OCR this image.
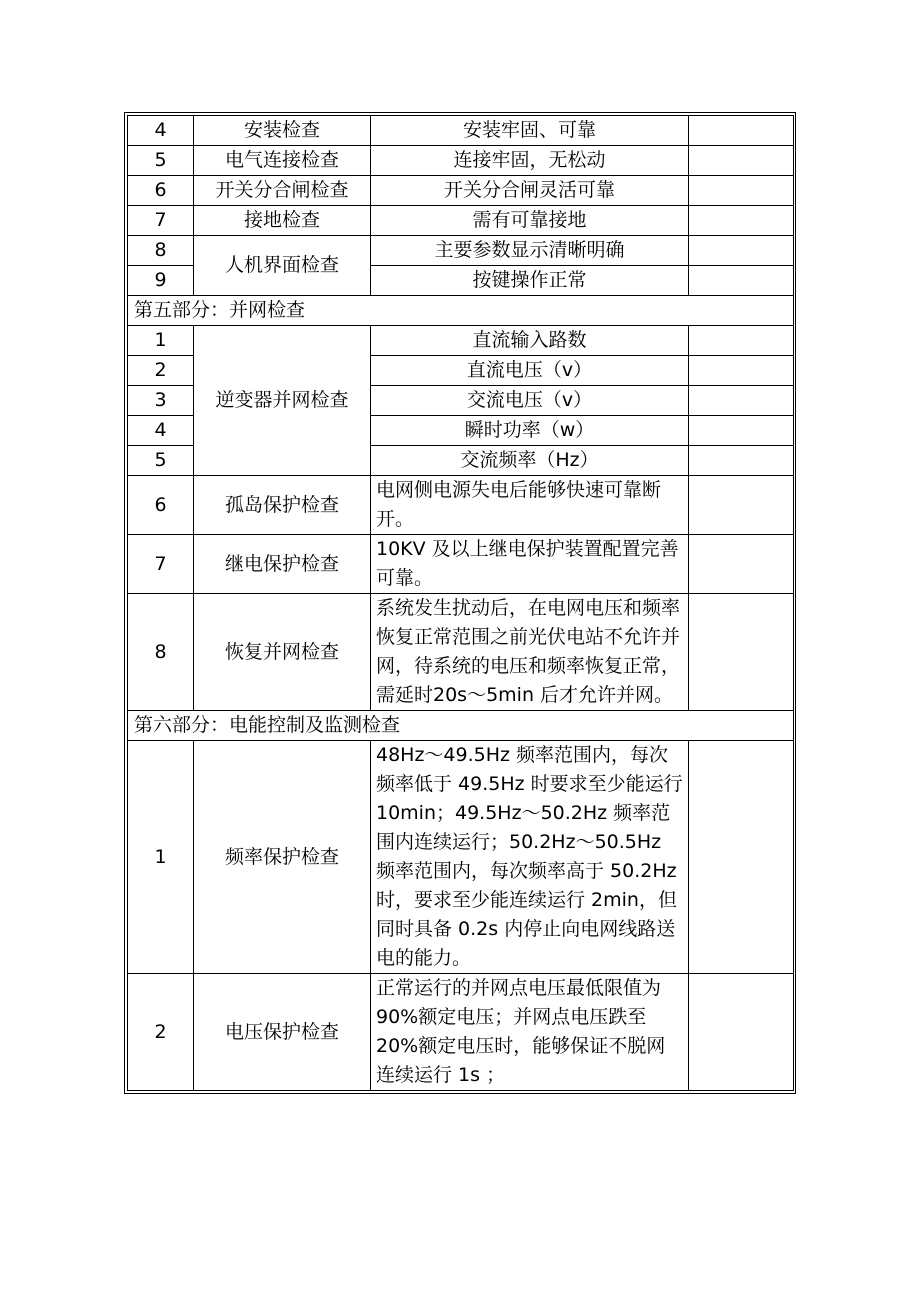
4	安装检查	安装牢固、可靠	
5	电气连接检查	连接牢固，无松动	
6	开关分合闸检查	开关分合闸灵活可靠	
7	接地检查	需有可靠接地	
8	人机界面检查	主要参数显示清晰明确	
9		按键操作正常	
第五部分：并网检查			
1	逆变器并网检查	直流输入路数	
2		直流电压（v）	
3		交流电压（v）	
4		瞬时功率（w）	
5		交流频率（Hz）	
6	孤岛保护检查	电网侧电源失电后能够快速可靠断开。	
7	继电保护检查	10KV 及以上继电保护装置配置完善可靠。	
8	恢复并网检查	系统发生扰动后，在电网电压和频率恢复正常范围之前光伏电站不允许并网，待系统的电压和频率恢复正常，需延时20s～5min 后才允许并网。	
第六部分：电能控制及监测检查			
1	频率保护检查	48Hz～49.5Hz 频率范围内，每次频率低于 49.5Hz 时要求至少能运行 10min；49.5Hz～50.2Hz 频率范围内连续运行；50.2Hz～50.5Hz 频率范围内，每次频率高于 50.2Hz 时，要求至少能连续运行 2min，但同时具备 0.2s 内停止向电网线路送电的能力。	
2	电压保护检查	正常运行的并网点电压最低限值为 90%额定电压；并网点电压跌至 20%额定电压时，能够保证不脱网连续运行 1s ；	
